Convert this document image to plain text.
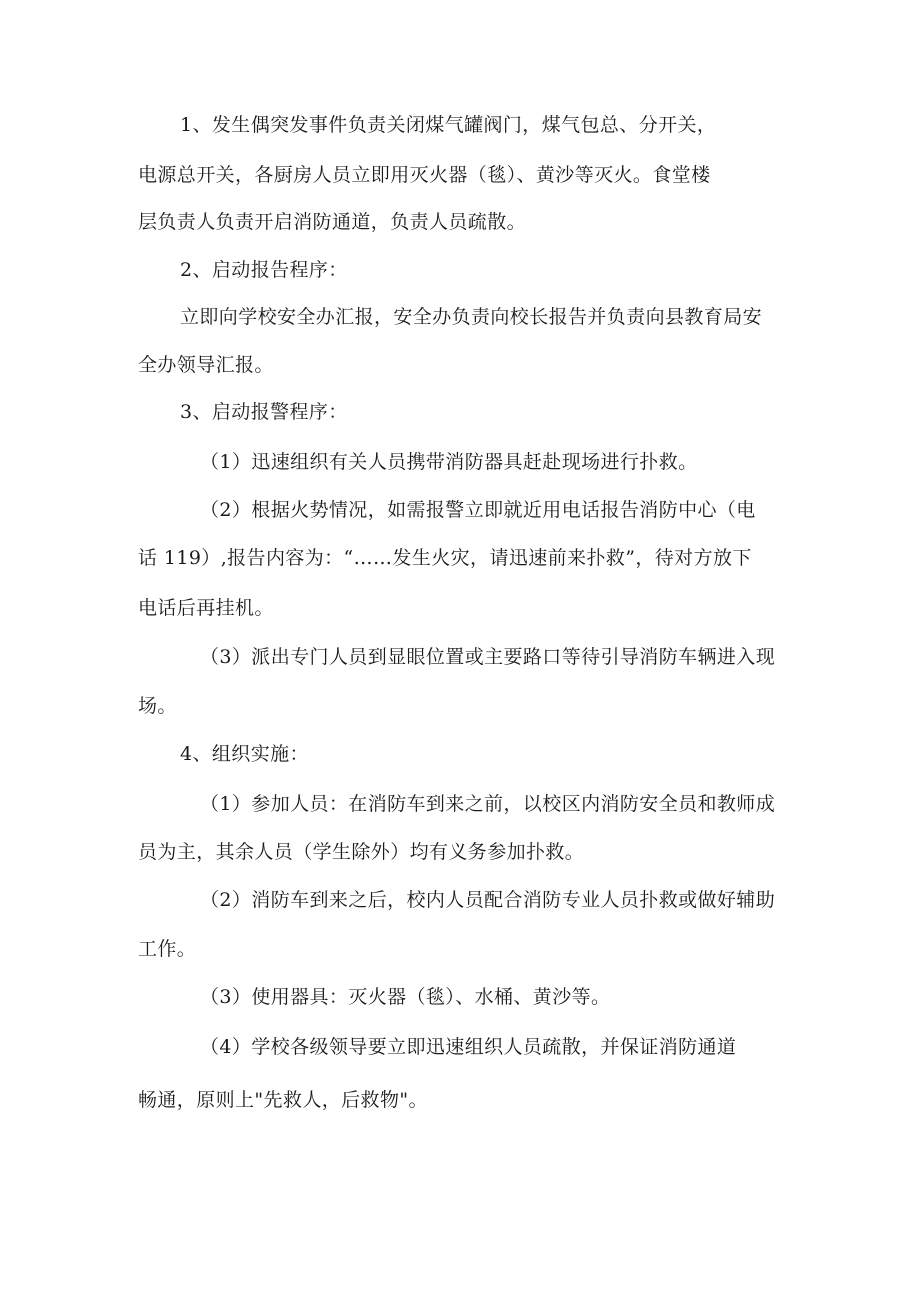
1、发生偶突发事件负责关闭煤气罐阀门，煤气包总、分开关，
电源总开关，各厨房人员立即用灭火器（毯）、黄沙等灭火。食堂楼
层负责人负责开启消防通道，负责人员疏散。
2、启动报告程序：
立即向学校安全办汇报，安全办负责向校长报告并负责向县教育局安
全办领导汇报。
3、启动报警程序：
（1）迅速组织有关人员携带消防器具赶赴现场进行扑救。
（2）根据火势情况，如需报警立即就近用电话报告消防中心（电
话 119）,报告内容为：“……发生火灾，请迅速前来扑救”，待对方放下
电话后再挂机。
（3）派出专门人员到显眼位置或主要路口等待引导消防车辆进入现
场。
4、组织实施：
（1）参加人员：在消防车到来之前，以校区内消防安全员和教师成
员为主，其余人员（学生除外）均有义务参加扑救。
（2）消防车到来之后，校内人员配合消防专业人员扑救或做好辅助
工作。
（3）使用器具：灭火器（毯）、水桶、黄沙等。
（4）学校各级领导要立即迅速组织人员疏散，并保证消防通道
畅通，原则上"先救人，后救物"。
